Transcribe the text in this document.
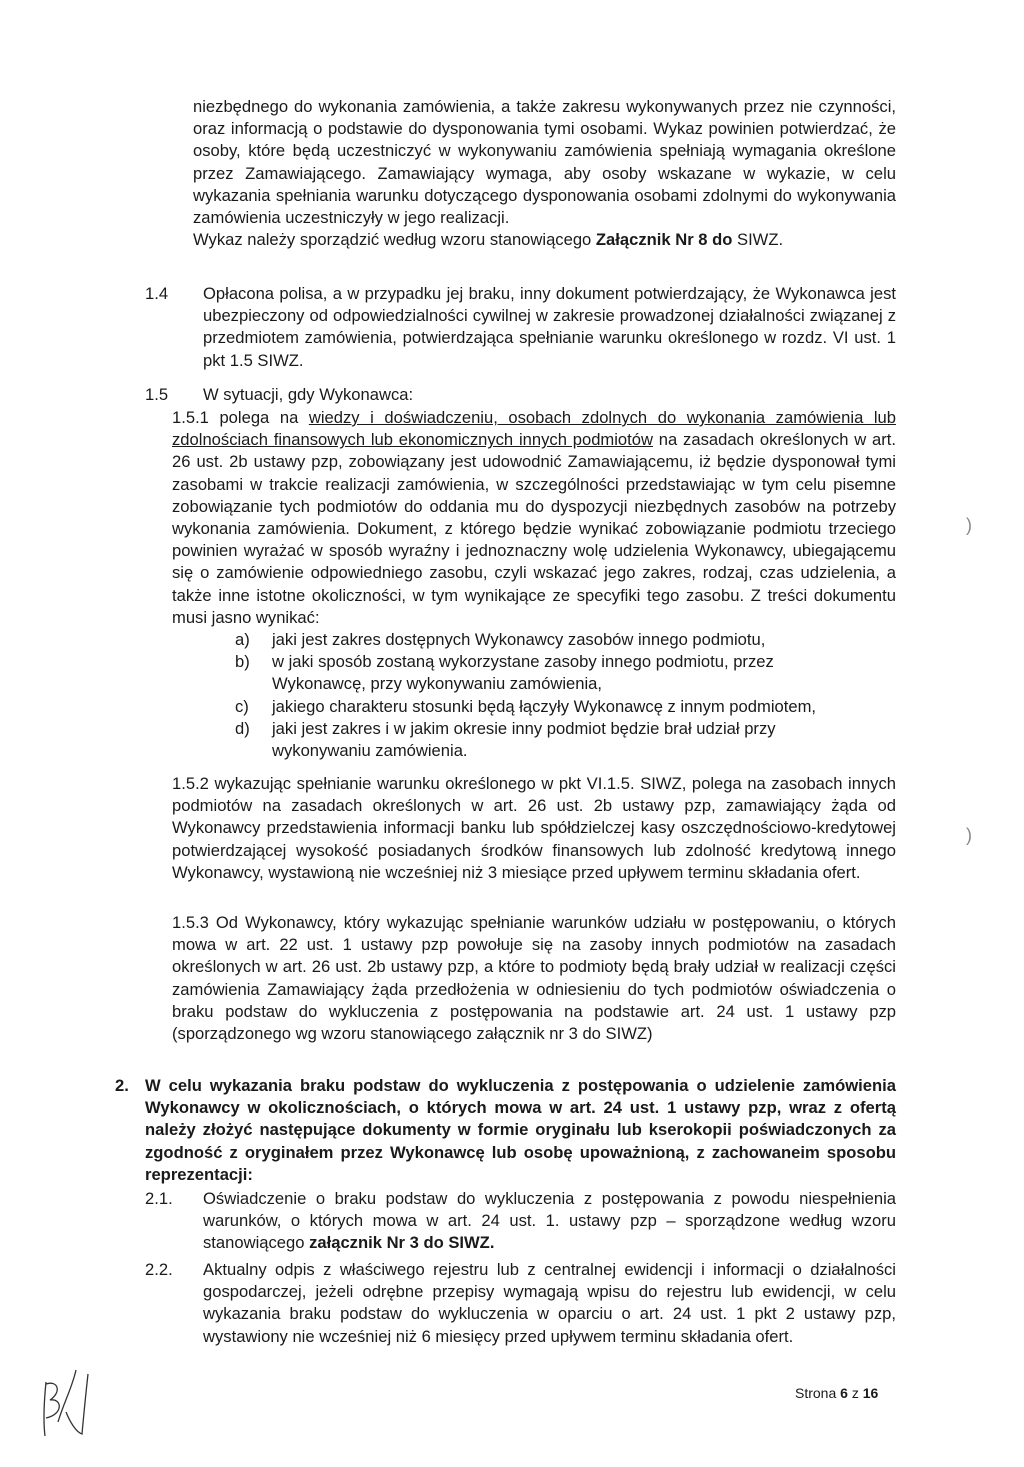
niezbędnego do wykonania zamówienia, a także zakresu wykonywanych przez nie czynności, oraz informacją o podstawie do dysponowania tymi osobami. Wykaz powinien potwierdzać, że osoby, które będą uczestniczyć w wykonywaniu zamówienia spełniają wymagania określone przez Zamawiającego. Zamawiający wymaga, aby osoby wskazane w wykazie, w celu wykazania spełniania warunku dotyczącego dysponowania osobami zdolnymi do wykonywania zamówienia uczestniczyły w jego realizacji.

Wykaz należy sporządzić według wzoru stanowiącego Załącznik Nr 8 do SIWZ.

1.4 Opłacona polisa, a w przypadku jej braku, inny dokument potwierdzający, że Wykonawca jest ubezpieczony od odpowiedzialności cywilnej w zakresie prowadzonej działalności związanej z przedmiotem zamówienia, potwierdzająca spełnianie warunku określonego w rozdz. VI ust. 1 pkt 1.5 SIWZ.
1.5 W sytuacji, gdy Wykonawca:

1.5.1 polega na wiedzy i doświadczeniu, osobach zdolnych do wykonania zamówienia lub zdolnościach finansowych lub ekonomicznych innych podmiotów na zasadach określonych w art. 26 ust. 2b ustawy pzp, zobowiązany jest udowodnić Zamawiającemu, iż będzie dysponował tymi zasobami w trakcie realizacji zamówienia, w szczególności przedstawiając w tym celu pisemne zobowiązanie tych podmiotów do oddania mu do dyspozycji niezbędnych zasobów na potrzeby wykonania zamówienia. Dokument, z którego będzie wynikać zobowiązanie podmiotu trzeciego powinien wyrażać w sposób wyraźny i jednoznaczny wolę udzielenia Wykonawcy, ubiegającemu się o zamówienie odpowiedniego zasobu, czyli wskazać jego zakres, rodzaj, czas udzielenia, a także inne istotne okoliczności, w tym wynikające ze specyfiki tego zasobu. Z treści dokumentu musi jasno wynikać:

a)	jaki jest zakres dostępnych Wykonawcy zasobów innego podmiotu,
b)	w jaki sposób zostaną wykorzystane zasoby innego podmiotu, przez Wykonawcę, przy wykonywaniu zamówienia,
c)	jakiego charakteru stosunki będą łączyły Wykonawcę z innym podmiotem,
d)	jaki jest zakres i w jakim okresie inny podmiot będzie brał udział przy wykonywaniu zamówienia.
1.5.2 wykazując spełnianie warunku określonego w pkt VI.1.5. SIWZ, polega na zasobach innych podmiotów na zasadach określonych w art. 26 ust. 2b ustawy pzp, zamawiający żąda od Wykonawcy przedstawienia informacji banku lub spółdzielczej kasy oszczędnościowo-kredytowej potwierdzającej wysokość posiadanych środków finansowych lub zdolność kredytową innego Wykonawcy, wystawioną nie wcześniej niż 3 miesiące przed upływem terminu składania ofert.
1.5.3 Od Wykonawcy, który wykazując spełnianie warunków udziału w postępowaniu, o których mowa w art. 22 ust. 1 ustawy pzp powołuje się na zasoby innych podmiotów na zasadach określonych w art. 26 ust. 2b ustawy pzp, a które to podmioty będą brały udział w realizacji części zamówienia Zamawiający żąda przedłożenia w odniesieniu do tych podmiotów oświadczenia o braku podstaw do wykluczenia z postępowania na podstawie art. 24 ust. 1 ustawy pzp (sporządzonego wg wzoru stanowiącego załącznik nr 3 do SIWZ)
2. W celu wykazania braku podstaw do wykluczenia z postępowania o udzielenie zamówienia Wykonawcy w okolicznościach, o których mowa w art. 24 ust. 1 ustawy pzp, wraz z ofertą należy złożyć następujące dokumenty w formie oryginału lub kserokopii poświadczonych za zgodność z oryginałem przez Wykonawcę lub osobę upoważnioną, z zachowaneim sposobu reprezentacji:
2.1. Oświadczenie o braku podstaw do wykluczenia z postępowania z powodu niespełnienia warunków, o których mowa w art. 24 ust. 1. ustawy pzp – sporządzone według wzoru stanowiącego załącznik Nr 3 do SIWZ.
2.2. Aktualny odpis z właściwego rejestru lub z centralnej ewidencji i informacji o działalności gospodarczej, jeżeli odrębne przepisy wymagają wpisu do rejestru lub ewidencji, w celu wykazania braku podstaw do wykluczenia w oparciu o art. 24 ust. 1 pkt 2 ustawy pzp, wystawiony nie wcześniej niż 6 miesięcy przed upływem terminu składania ofert.
)
)
Strona 6 z 16
